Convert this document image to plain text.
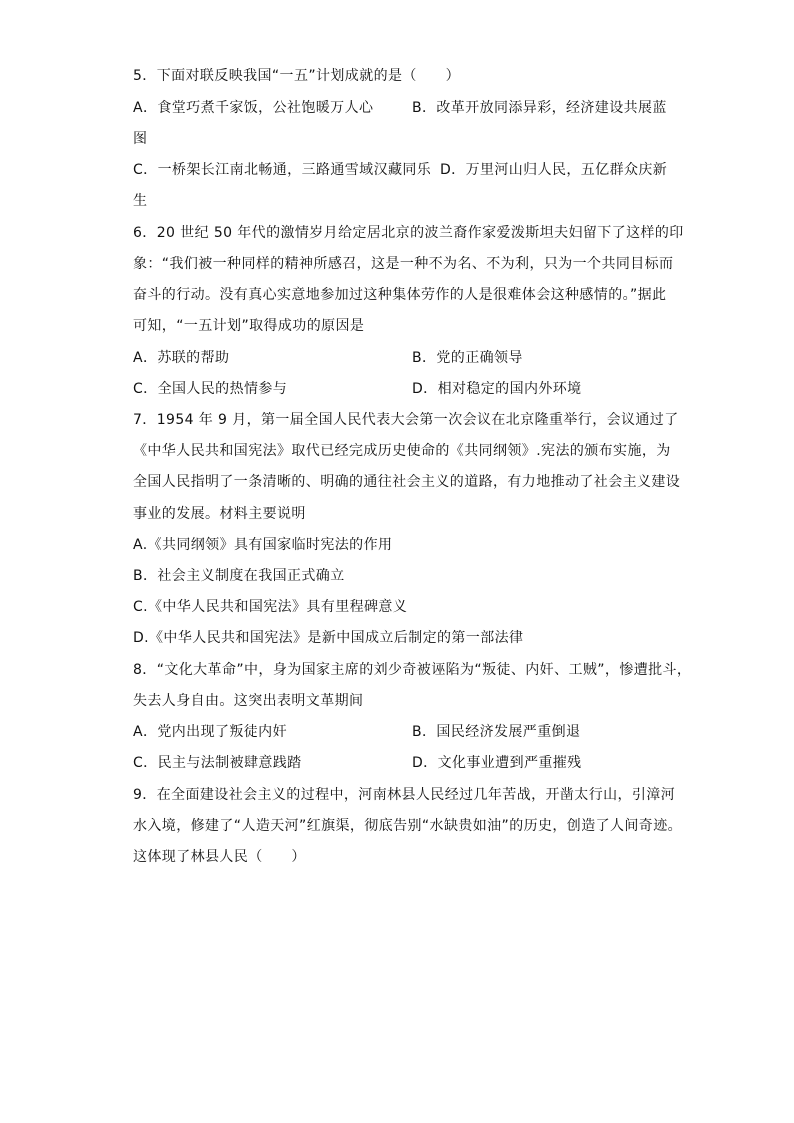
5．下面对联反映我国“一五”计划成就的是（　　）
A．食堂巧煮千家饭，公社饱暖万人心	B．改革开放同添异彩，经济建设共展蓝
图
C．一桥架长江南北畅通，三路通雪域汉藏同乐 D．万里河山归人民，五亿群众庆新
生
6．20 世纪 50 年代的激情岁月给定居北京的波兰裔作家爱泼斯坦夫妇留下了这样的印
象：“我们被一种同样的精神所感召，这是一种不为名、不为利，只为一个共同目标而
奋斗的行动。没有真心实意地参加过这种集体劳作的人是很难体会这种感情的。”据此
可知，“一五计划”取得成功的原因是
A．苏联的帮助	B．党的正确领导
C．全国人民的热情参与	D．相对稳定的国内外环境
7．1954 年 9 月，第一届全国人民代表大会第一次会议在北京隆重举行，会议通过了
《中华人民共和国宪法》取代已经完成历史使命的《共同纲领》.宪法的颁布实施，为
全国人民指明了一条清晰的、明确的通往社会主义的道路，有力地推动了社会主义建设
事业的发展。材料主要说明
A.《共同纲领》具有国家临时宪法的作用
B．社会主义制度在我国正式确立
C.《中华人民共和国宪法》具有里程碑意义
D.《中华人民共和国宪法》是新中国成立后制定的第一部法律
8．“文化大革命”中，身为国家主席的刘少奇被诬陷为“叛徒、内奸、工贼”，惨遭批斗，
失去人身自由。这突出表明文革期间
A．党内出现了叛徒内奸	B．国民经济发展严重倒退
C．民主与法制被肆意践踏	D．文化事业遭到严重摧残
9．在全面建设社会主义的过程中，河南林县人民经过几年苦战，开凿太行山，引漳河
水入境，修建了“人造天河”红旗渠，彻底告别“水缺贵如油”的历史，创造了人间奇迹。
这体现了林县人民（　　）
